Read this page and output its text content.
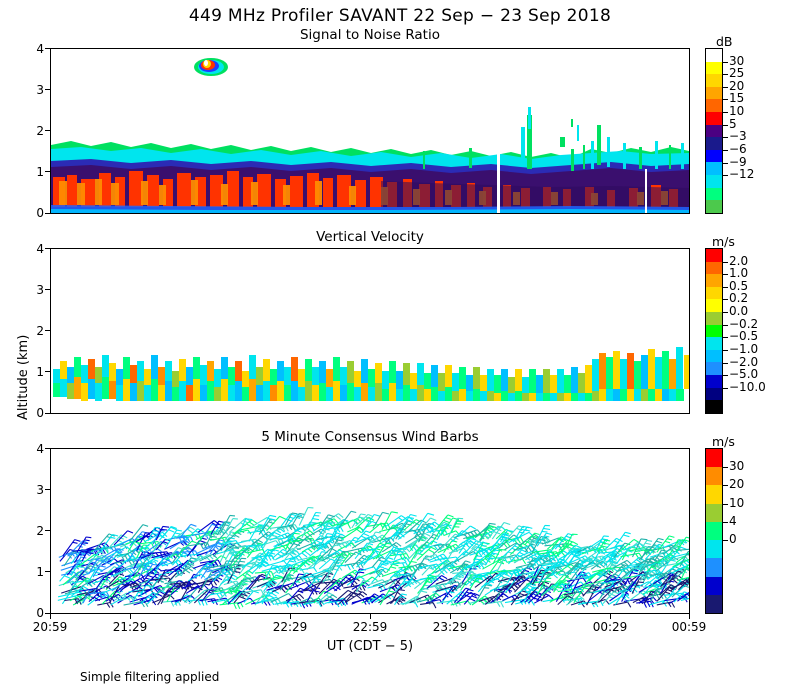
449 MHz Profiler SAVANT 22 Sep − 23 Sep 2018
Altitude (km)
Signal to Noise Ratio
4
3
2
1
0
Vertical Velocity
4
3
2
1
0
5 Minute Consensus Wind Barbs
4
3
2
1
0
20:59	21:29	21:59	22:29	22:59	23:29	23:59	00:29	00:59
UT (CDT − 5)
Simple filtering applied
dB
30
25
20
15
10
5
−3
−6
−9
−12
m/s
2.0
1.0
0.5
0.2
0.0
−0.2
−0.5
−1.0
−2.0
−5.0
−10.0
m/s
30
20
10
4
0
